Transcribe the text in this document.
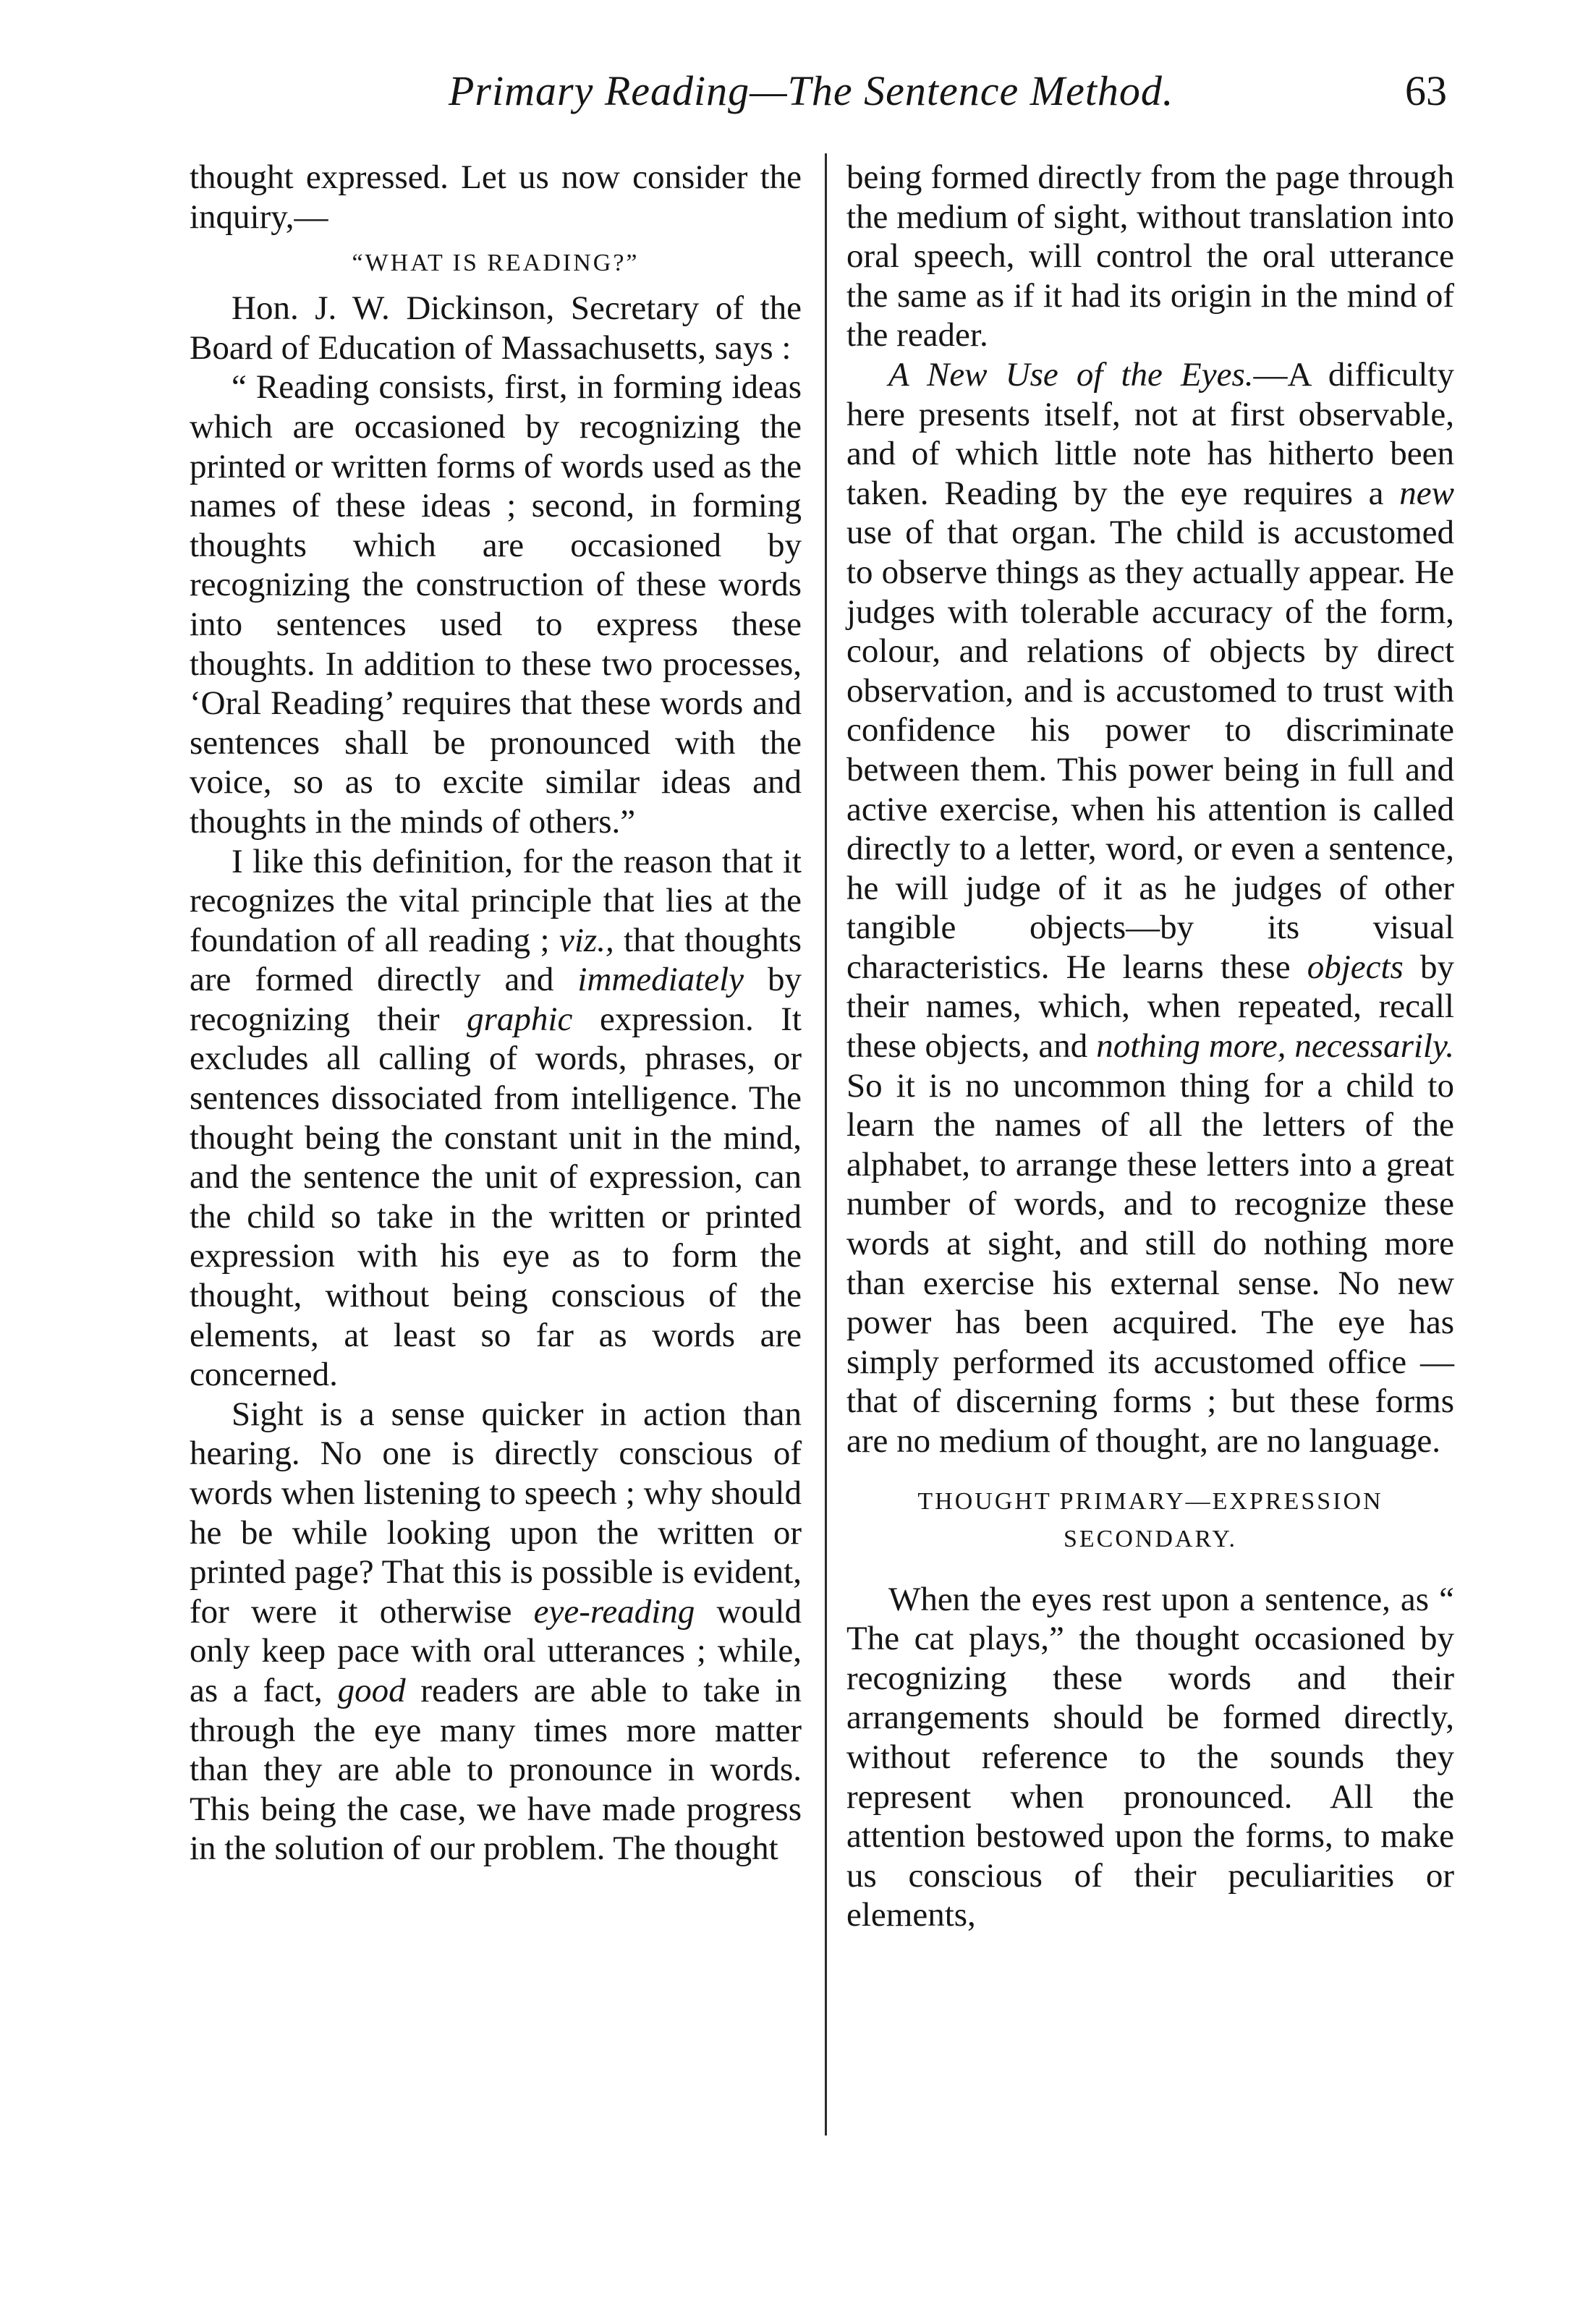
Primary Reading—The Sentence Method.	63

thought expressed. Let us now consider the inquiry,—

“WHAT IS READING?”

Hon. J. W. Dickinson, Secretary of the Board of Education of Massachusetts, says :

“ Reading consists, first, in forming ideas which are occasioned by recognizing the printed or written forms of words used as the names of these ideas ; second, in forming thoughts which are occasioned by recognizing the construction of these words into sentences used to express these thoughts. In addition to these two processes, ‘Oral Reading’ requires that these words and sentences shall be pronounced with the voice, so as to excite similar ideas and thoughts in the minds of others.”

I like this definition, for the reason that it recognizes the vital principle that lies at the foundation of all reading ; viz., that thoughts are formed directly and immediately by recognizing their graphic expression. It excludes all calling of words, phrases, or sentences dissociated from intelligence. The thought being the constant unit in the mind, and the sentence the unit of expression, can the child so take in the written or printed expression with his eye as to form the thought, without being conscious of the elements, at least so far as words are concerned.

Sight is a sense quicker in action than hearing. No one is directly conscious of words when listening to speech ; why should he be while looking upon the written or printed page? That this is possible is evident, for were it otherwise eye-reading would only keep pace with oral utterances ; while, as a fact, good readers are able to take in through the eye many times more matter than they are able to pronounce in words. This being the case, we have made progress in the solution of our problem. The thought

being formed directly from the page through the medium of sight, without translation into oral speech, will control the oral utterance the same as if it had its origin in the mind of the reader.

A New Use of the Eyes.—A difficulty here presents itself, not at first observable, and of which little note has hitherto been taken. Reading by the eye requires a new use of that organ. The child is accustomed to observe things as they actually appear. He judges with tolerable accuracy of the form, colour, and relations of objects by direct observation, and is accustomed to trust with confidence his power to discriminate between them. This power being in full and active exercise, when his attention is called directly to a letter, word, or even a sentence, he will judge of it as he judges of other tangible objects—by its visual characteristics. He learns these objects by their names, which, when repeated, recall these objects, and nothing more, necessarily. So it is no uncommon thing for a child to learn the names of all the letters of the alphabet, to arrange these letters into a great number of words, and to recognize these words at sight, and still do nothing more than exercise his external sense. No new power has been acquired. The eye has simply performed its accustomed office —that of discerning forms ; but these forms are no medium of thought, are no language.

THOUGHT PRIMARY—EXPRESSION SECONDARY.

When the eyes rest upon a sentence, as “ The cat plays,” the thought occasioned by recognizing these words and their arrangements should be formed directly, without reference to the sounds they represent when pronounced. All the attention bestowed upon the forms, to make us conscious of their peculiarities or elements,
